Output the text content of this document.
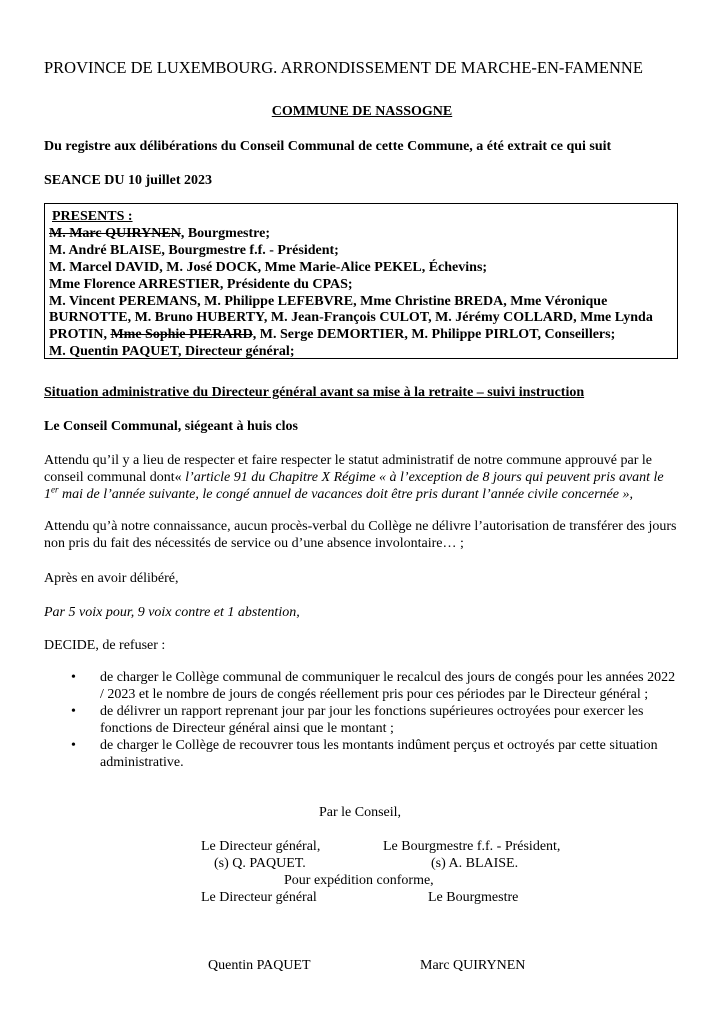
PROVINCE DE LUXEMBOURG. ARRONDISSEMENT DE MARCHE-EN-FAMENNE
COMMUNE DE NASSOGNE
Du registre aux délibérations du Conseil Communal de cette Commune, a été extrait ce qui suit
SEANCE DU 10 juillet 2023
PRESENTS :
M. Marc QUIRYNEN, Bourgmestre;
M. André BLAISE, Bourgmestre f.f. - Président;
M. Marcel DAVID, M. José DOCK, Mme Marie-Alice PEKEL, Échevins;
Mme Florence ARRESTIER, Présidente du CPAS;
M. Vincent PEREMANS, M. Philippe LEFEBVRE, Mme Christine BREDA, Mme Véronique BURNOTTE, M. Bruno HUBERTY, M. Jean-François CULOT, M. Jérémy COLLARD, Mme Lynda PROTIN, Mme Sophie PIERARD, M. Serge DEMORTIER, M. Philippe PIRLOT, Conseillers;
M. Quentin PAQUET, Directeur général;
Situation administrative du Directeur général avant sa mise à la retraite – suivi instruction
Le Conseil Communal, siégeant à huis clos
Attendu qu’il y a lieu de respecter et faire respecter le statut administratif de notre commune approuvé par le conseil communal dont« l’article 91 du Chapitre X Régime « à l’exception de 8 jours qui peuvent pris avant le 1er mai de l’année suivante, le congé annuel de vacances doit être pris durant l’année civile concernée »,
Attendu qu’à notre connaissance, aucun procès-verbal du Collège ne délivre l’autorisation de transférer des jours non pris du fait des nécessités de service ou d’une absence involontaire… ;
Après en avoir délibéré,
Par 5 voix pour, 9 voix contre et 1 abstention,
DECIDE, de refuser :
• de charger le Collège communal de communiquer le recalcul des jours de congés pour les années 2022 / 2023 et le nombre de jours de congés réellement pris pour ces périodes par le Directeur général ;
• de délivrer un rapport reprenant jour par jour les fonctions supérieures octroyées pour exercer les fonctions de Directeur général ainsi que le montant ;
• de charger le Collège de recouvrer tous les montants indûment perçus et octroyés par cette situation administrative.
Par le Conseil,
Le Directeur général,	Le Bourgmestre f.f. - Président,
(s) Q. PAQUET.	(s) A. BLAISE.
Pour expédition conforme,
Le Directeur général	Le Bourgmestre
Quentin PAQUET	Marc QUIRYNEN
